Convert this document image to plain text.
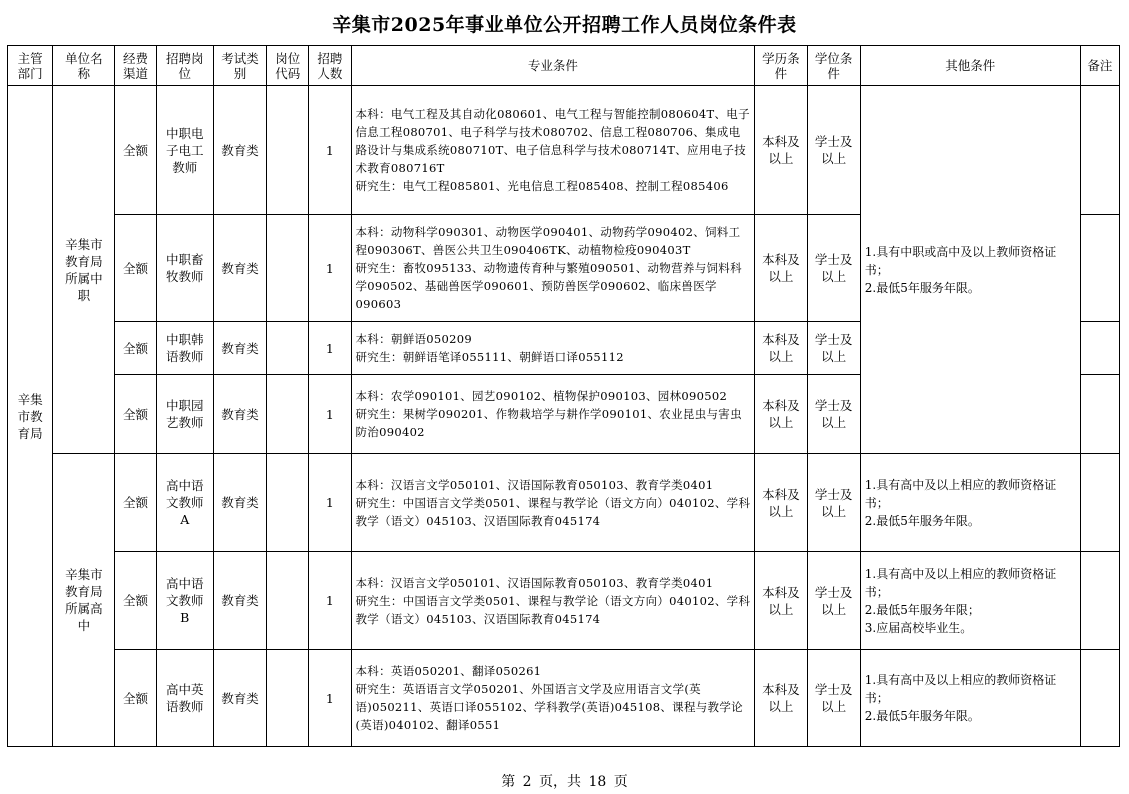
辛集市2025年事业单位公开招聘工作人员岗位条件表
主管部门	单位名称	经费渠道	招聘岗位	考试类别	岗位代码	招聘人数	专业条件	学历条件	学位条件	其他条件	备注
辛集市教育局	辛集市教育局所属中职	全额	中职电子电工教师	教育类		1	本科：电气工程及其自动化080601、电气工程与智能控制080604T、电子信息工程080701、电子科学与技术080702、信息工程080706、集成电路设计与集成系统080710T、电子信息科学与技术080714T、应用电子技术教育080716T
研究生：电气工程085801、光电信息工程085408、控制工程085406	本科及以上	学士及以上	1.具有中职或高中及以上教师资格证书；
2.最低5年服务年限。	

		全额	中职畜牧教师	教育类		1	本科：动物科学090301、动物医学090401、动物药学090402、饲料工程090306T、兽医公共卫生090406TK、动植物检疫090403T
研究生：畜牧095133、动物遗传育种与繁殖090501、动物营养与饲料科学090502、基础兽医学090601、预防兽医学090602、临床兽医学090603	本科及以上	学士及以上		
		全额	中职韩语教师	教育类		1	本科：朝鲜语050209
研究生：朝鲜语笔译055111、朝鲜语口译055112	本科及以上	学士及以上		
		全额	中职园艺教师	教育类		1	本科：农学090101、园艺090102、植物保护090103、园林090502
研究生：果树学090201、作物栽培学与耕作学090101、农业昆虫与害虫防治090402	本科及以上	学士及以上		
	辛集市教育局所属高中	全额	高中语文教师A	教育类		1	本科：汉语言文学050101、汉语国际教育050103、教育学类0401
研究生：中国语言文学类0501、课程与教学论（语文方向）040102、学科教学（语文）045103、汉语国际教育045174	本科及以上	学士及以上	1.具有高中及以上相应的教师资格证书；
2.最低5年服务年限。	

		全额	高中语文教师B	教育类		1	本科：汉语言文学050101、汉语国际教育050103、教育学类0401
研究生：中国语言文学类0501、课程与教学论（语文方向）040102、学科教学（语文）045103、汉语国际教育045174	本科及以上	学士及以上	1.具有高中及以上相应的教师资格证书；
2.最低5年服务年限；
3.应届高校毕业生。	

		全额	高中英语教师	教育类		1	本科：英语050201、翻译050261
研究生：英语语言文学050201、外国语言文学及应用语言文学(英语)050211、英语口译055102、学科教学(英语)045108、课程与教学论(英语)040102、翻译0551	本科及以上	学士及以上	1.具有高中及以上相应的教师资格证书；
2.最低5年服务年限。	

第 2 页，共 18 页
